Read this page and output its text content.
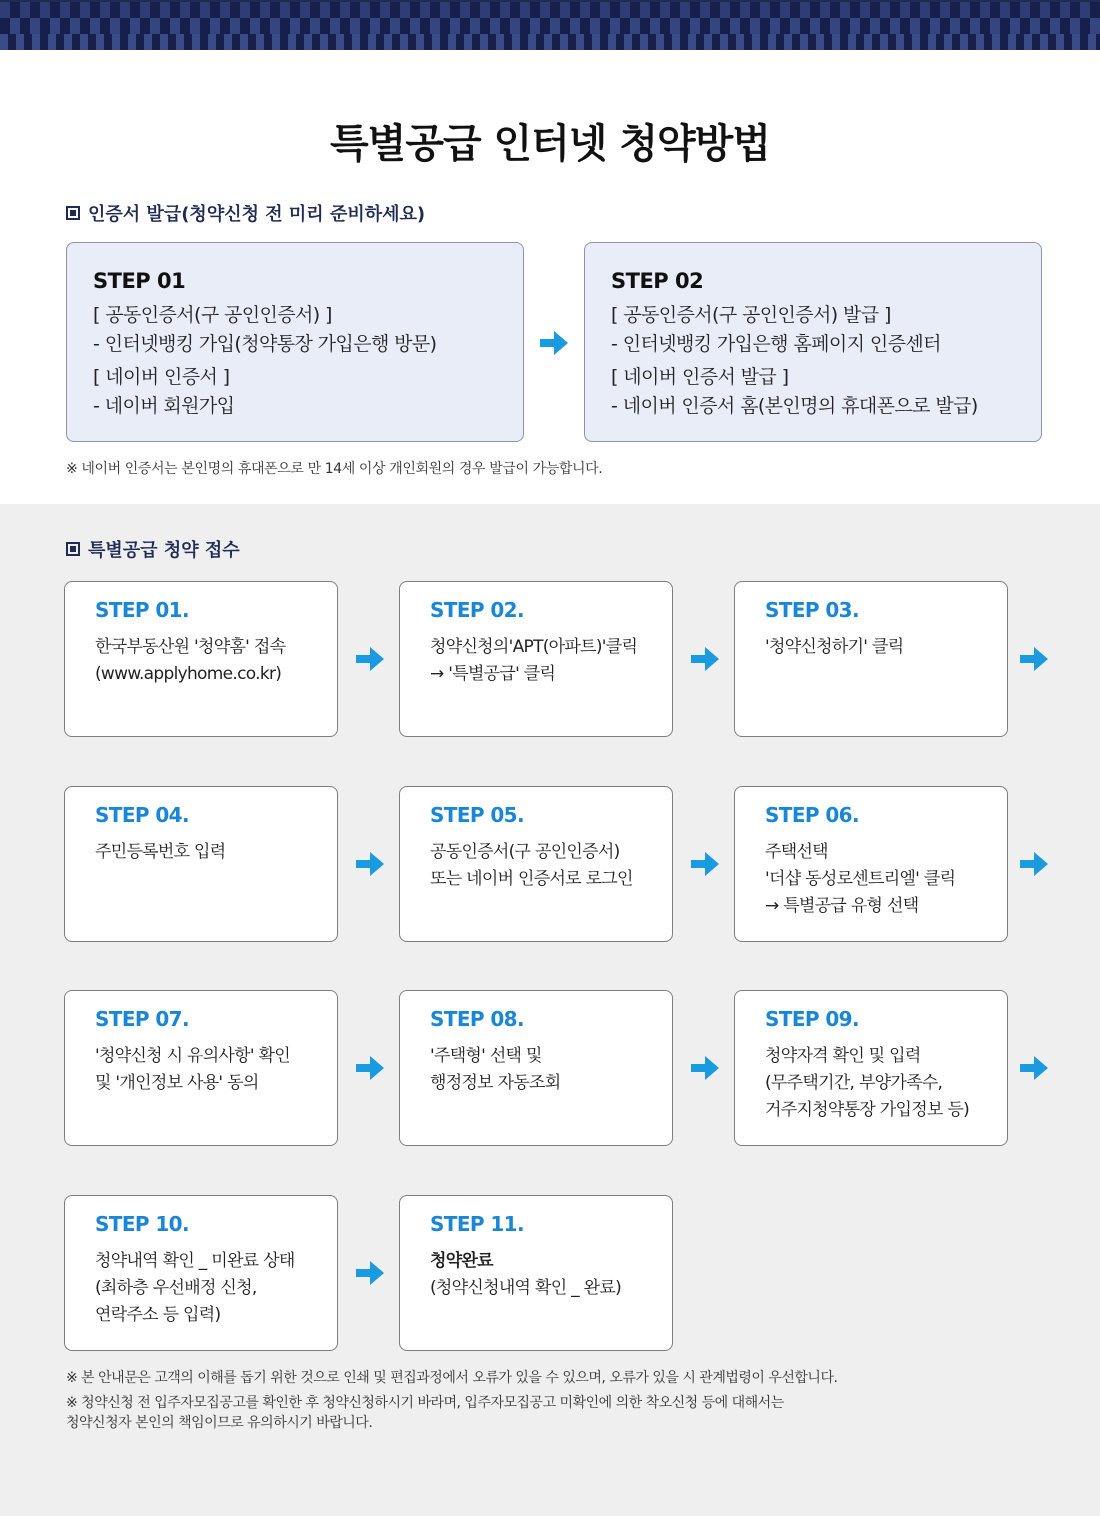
특별공급 인터넷 청약방법
인증서 발급(청약신청 전 미리 준비하세요)
STEP 01
[ 공동인증서(구 공인인증서) ]
- 인터넷뱅킹 가입(청약통장 가입은행 방문)
[ 네이버 인증서 ]
- 네이버 회원가입
STEP 02
[ 공동인증서(구 공인인증서) 발급 ]
- 인터넷뱅킹 가입은행 홈페이지 인증센터
[ 네이버 인증서 발급 ]
- 네이버 인증서 홈(본인명의 휴대폰으로 발급)
※ 네이버 인증서는 본인명의 휴대폰으로 만 14세 이상 개인회원의 경우 발급이 가능합니다.
특별공급 청약 접수
STEP 01.
한국부동산원 '청약홈' 접속
(www.applyhome.co.kr)
STEP 02.
청약신청의'APT(아파트)'클릭
→ '특별공급' 클릭
STEP 03.
'청약신청하기' 클릭
STEP 04.
주민등록번호 입력
STEP 05.
공동인증서(구 공인인증서)
또는 네이버 인증서로 로그인
STEP 06.
주택선택
'더샵 동성로센트리엘' 클릭
→ 특별공급 유형 선택
STEP 07.
'청약신청 시 유의사항' 확인
및 '개인정보 사용' 동의
STEP 08.
'주택형' 선택 및
행정정보 자동조회
STEP 09.
청약자격 확인 및 입력
(무주택기간, 부양가족수,
거주지청약통장 가입정보 등)
STEP 10.
청약내역 확인 _ 미완료 상태
(최하층 우선배정 신청,
연락주소 등 입력)
STEP 11.
청약완료
(청약신청내역 확인 _ 완료)
※ 본 안내문은 고객의 이해를 돕기 위한 것으로 인쇄 및 편집과정에서 오류가 있을 수 있으며, 오류가 있을 시 관계법령이 우선합니다.
※ 청약신청 전 입주자모집공고를 확인한 후 청약신청하시기 바라며, 입주자모집공고 미확인에 의한 착오신청 등에 대해서는
청약신청자 본인의 책임이므로 유의하시기 바랍니다.
